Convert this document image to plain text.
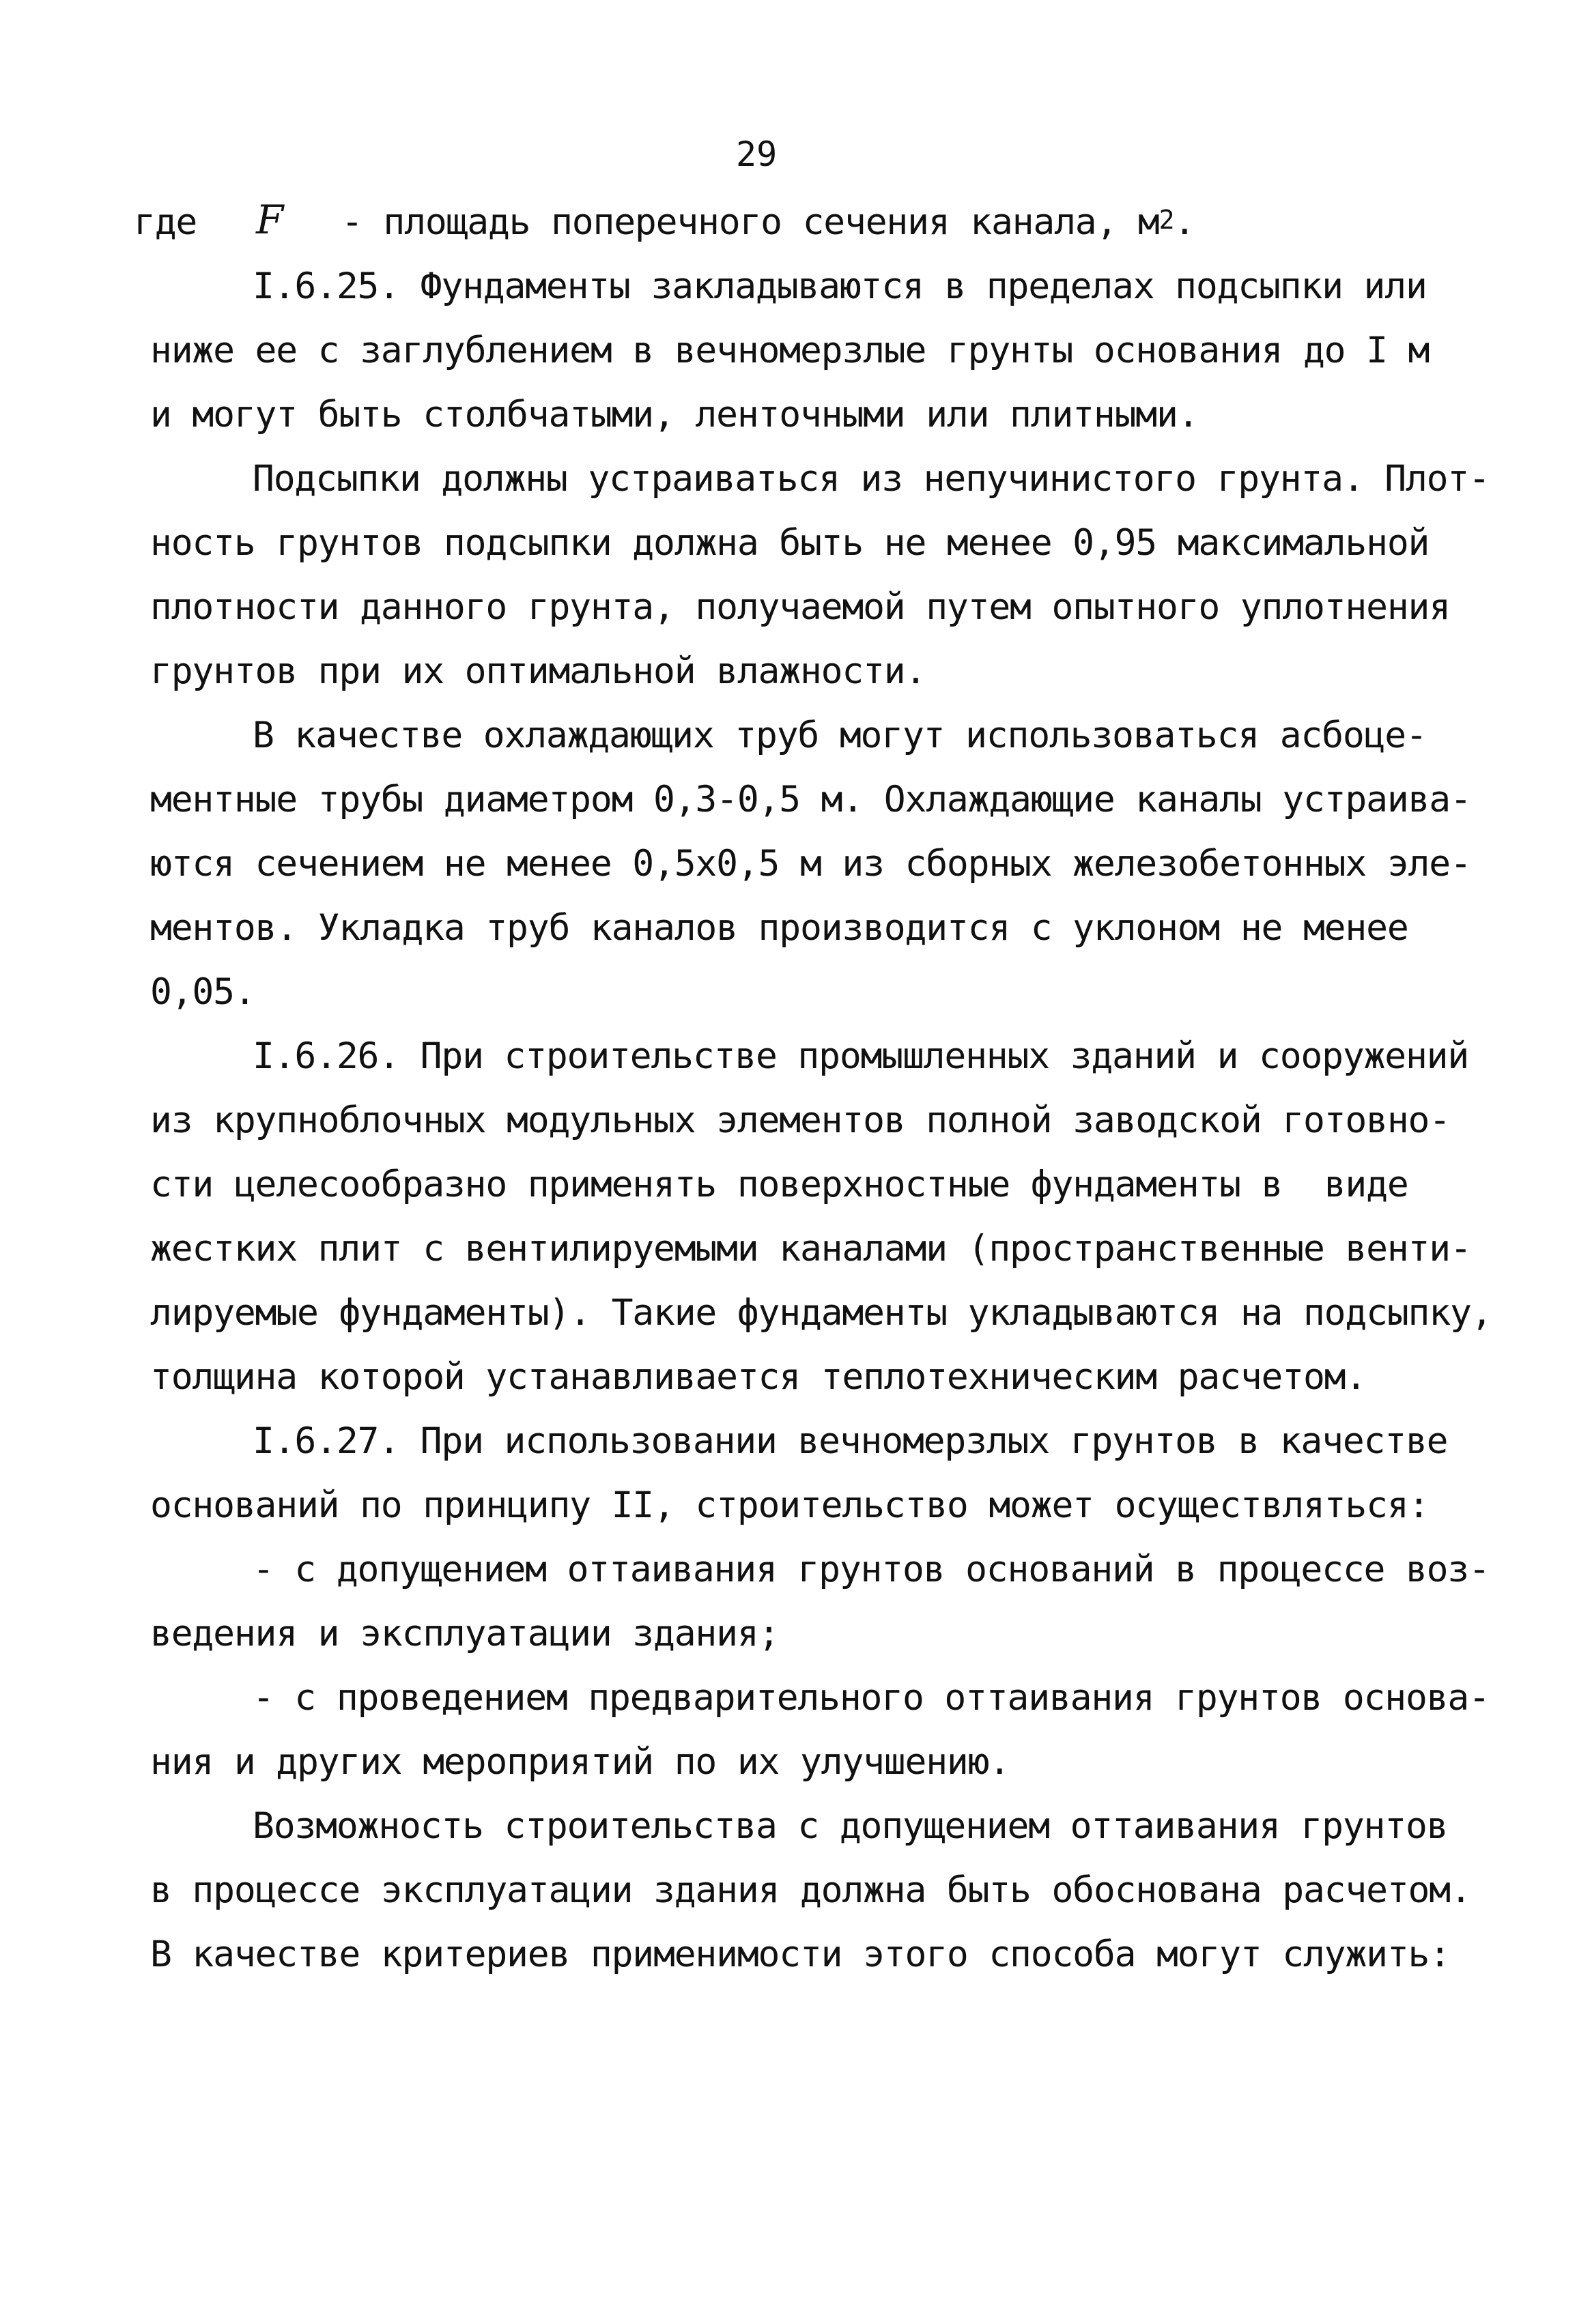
29
где F - площадь поперечного сечения канала, $м^2$.
I.6.25. Фундаменты закладываются в пределах подсыпки или
ниже ее с заглублением в вечномерзлые грунты основания до I м
и могут быть столбчатыми, ленточными или плитными.
Подсыпки должны устраиваться из непучинистого грунта. Плот-
ность грунтов подсыпки должна быть не менее 0,95 максимальной
плотности данного грунта, получаемой путем опытного уплотнения
грунтов при их оптимальной влажности.
В качестве охлаждающих труб могут использоваться асбоце-
ментные трубы диаметром 0,3-0,5 м. Охлаждающие каналы устраива-
ются сечением не менее 0,5х0,5 м из сборных железобетонных эле-
ментов. Укладка труб каналов производится с уклоном не менее
0,05.
I.6.26. При строительстве промышленных зданий и сооружений
из крупноблочных модульных элементов полной заводской готовно-
сти целесообразно применять поверхностные фундаменты в  виде
жестких плит с вентилируемыми каналами (пространственные венти-
лируемые фундаменты). Такие фундаменты укладываются на подсыпку,
толщина которой устанавливается теплотехническим расчетом.
I.6.27. При использовании вечномерзлых грунтов в качестве
оснований по принципу II, строительство может осуществляться:
- с допущением оттаивания грунтов оснований в процессе воз-
ведения и эксплуатации здания;
- с проведением предварительного оттаивания грунтов основа-
ния и других мероприятий по их улучшению.
Возможность строительства с допущением оттаивания грунтов
в процессе эксплуатации здания должна быть обоснована расчетом.
В качестве критериев применимости этого способа могут служить:
